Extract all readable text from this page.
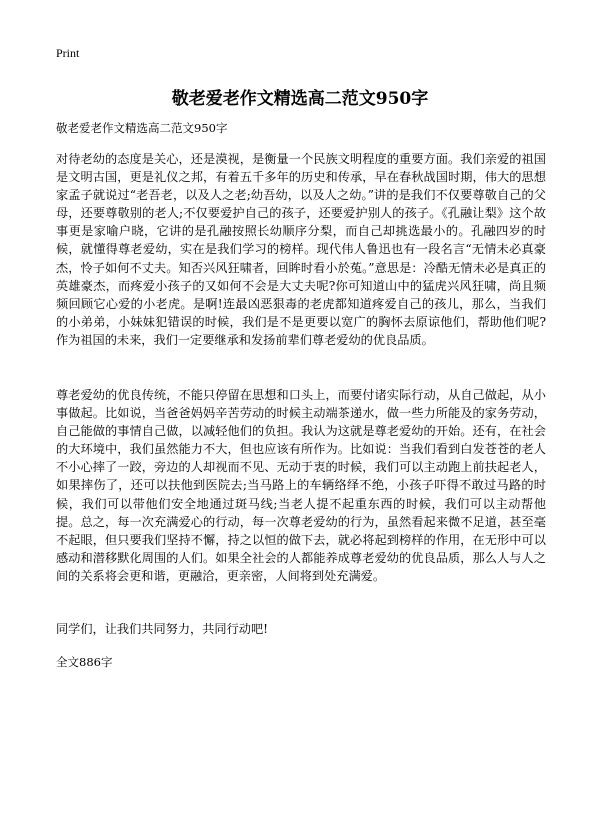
Print
敬老爱老作文精选高二范文950字

敬老爱老作文精选高二范文950字

对待老幼的态度是关心，还是漠视，是衡量一个民族文明程度的重要方面。我们亲爱的祖国是文明古国，更是礼仪之邦，有着五千多年的历史和传承，早在春秋战国时期，伟大的思想家孟子就说过“老吾老，以及人之老;幼吾幼，以及人之幼。”讲的是我们不仅要尊敬自己的父母，还要尊敬别的老人;不仅要爱护自己的孩子，还要爱护别人的孩子。《孔融让梨》这个故事更是家喻户晓，它讲的是孔融按照长幼顺序分梨，而自己却挑选最小的。孔融四岁的时候，就懂得尊老爱幼，实在是我们学习的榜样。现代伟人鲁迅也有一段名言“无情未必真豪杰，怜子如何不丈夫。知否兴风狂啸者，回眸时看小於菟。”意思是：冷酷无情未必是真正的英雄豪杰，而疼爱小孩子的又如何不会是大丈夫呢?你可知道山中的猛虎兴风狂啸，尚且频频回顾它心爱的小老虎。是啊!连最凶恶狠毒的老虎都知道疼爱自己的孩儿，那么，当我们的小弟弟，小妹妹犯错误的时候，我们是不是更要以宽广的胸怀去原谅他们，帮助他们呢?作为祖国的未来，我们一定要继承和发扬前辈们尊老爱幼的优良品质。

尊老爱幼的优良传统，不能只停留在思想和口头上，而要付诸实际行动，从自己做起，从小事做起。比如说，当爸爸妈妈辛苦劳动的时候主动端茶递水，做一些力所能及的家务劳动，自己能做的事情自己做，以减轻他们的负担。我认为这就是尊老爱幼的开始。还有，在社会的大环境中，我们虽然能力不大，但也应该有所作为。比如说：当我们看到白发苍苍的老人不小心摔了一跤，旁边的人却视而不见、无动于衷的时候，我们可以主动跑上前扶起老人，如果摔伤了，还可以扶他到医院去;当马路上的车辆络绎不绝，小孩子吓得不敢过马路的时候，我们可以带他们安全地通过斑马线;当老人提不起重东西的时候，我们可以主动帮他提。总之，每一次充满爱心的行动，每一次尊老爱幼的行为，虽然看起来微不足道，甚至毫不起眼，但只要我们坚持不懈，持之以恒的做下去，就必将起到榜样的作用，在无形中可以感动和潜移默化周围的人们。如果全社会的人都能养成尊老爱幼的优良品质，那么人与人之间的关系将会更和谐，更融洽，更亲密，人间将到处充满爱。

同学们，让我们共同努力，共同行动吧!

全文886字
